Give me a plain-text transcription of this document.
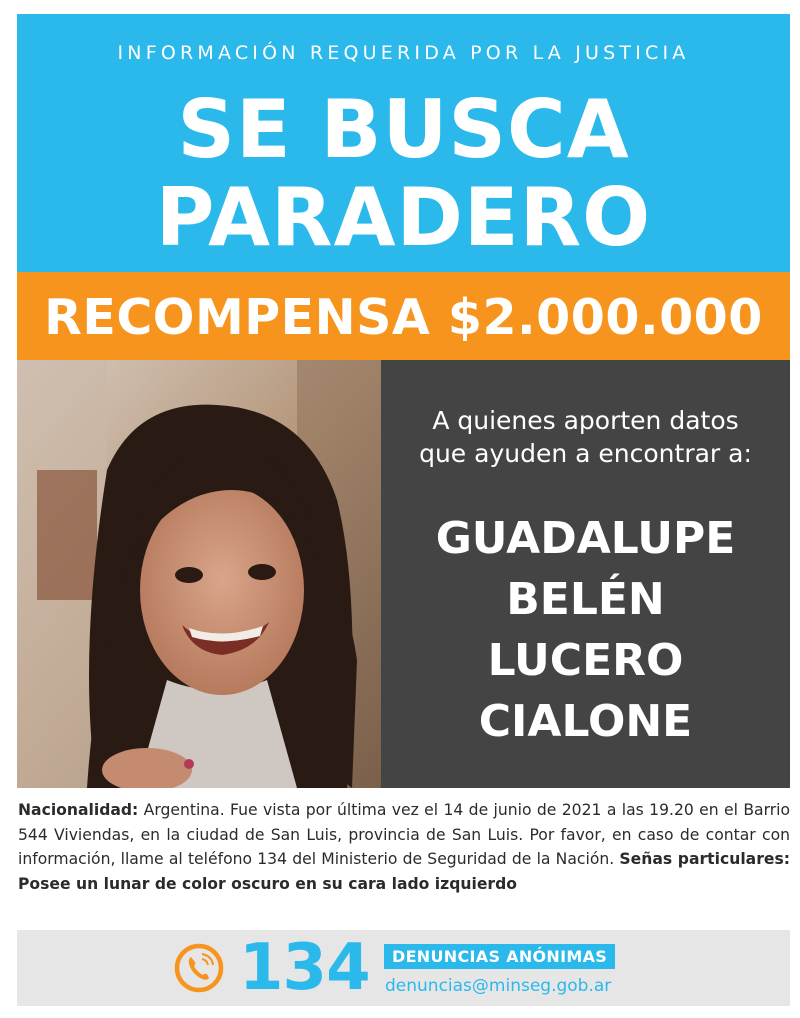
INFORMACIÓN REQUERIDA POR LA JUSTICIA
SE BUSCA
PARADERO
RECOMPENSA $2.000.000
A quienes aporten datos
que ayuden a encontrar a:
GUADALUPE
BELÉN
LUCERO
CIALONE
Nacionalidad: Argentina. Fue vista por última vez el 14 de junio de 2021 a las 19.20 en el Barrio 544 Viviendas, en la ciudad de San Luis, provincia de San Luis. Por favor, en caso de contar con información, llame al teléfono 134 del Ministerio de Seguridad de la Nación. Señas particulares: Posee un lunar de color oscuro en su cara lado izquierdo
134	DENUNCIAS ANÓNIMAS
denuncias@minseg.gob.ar
